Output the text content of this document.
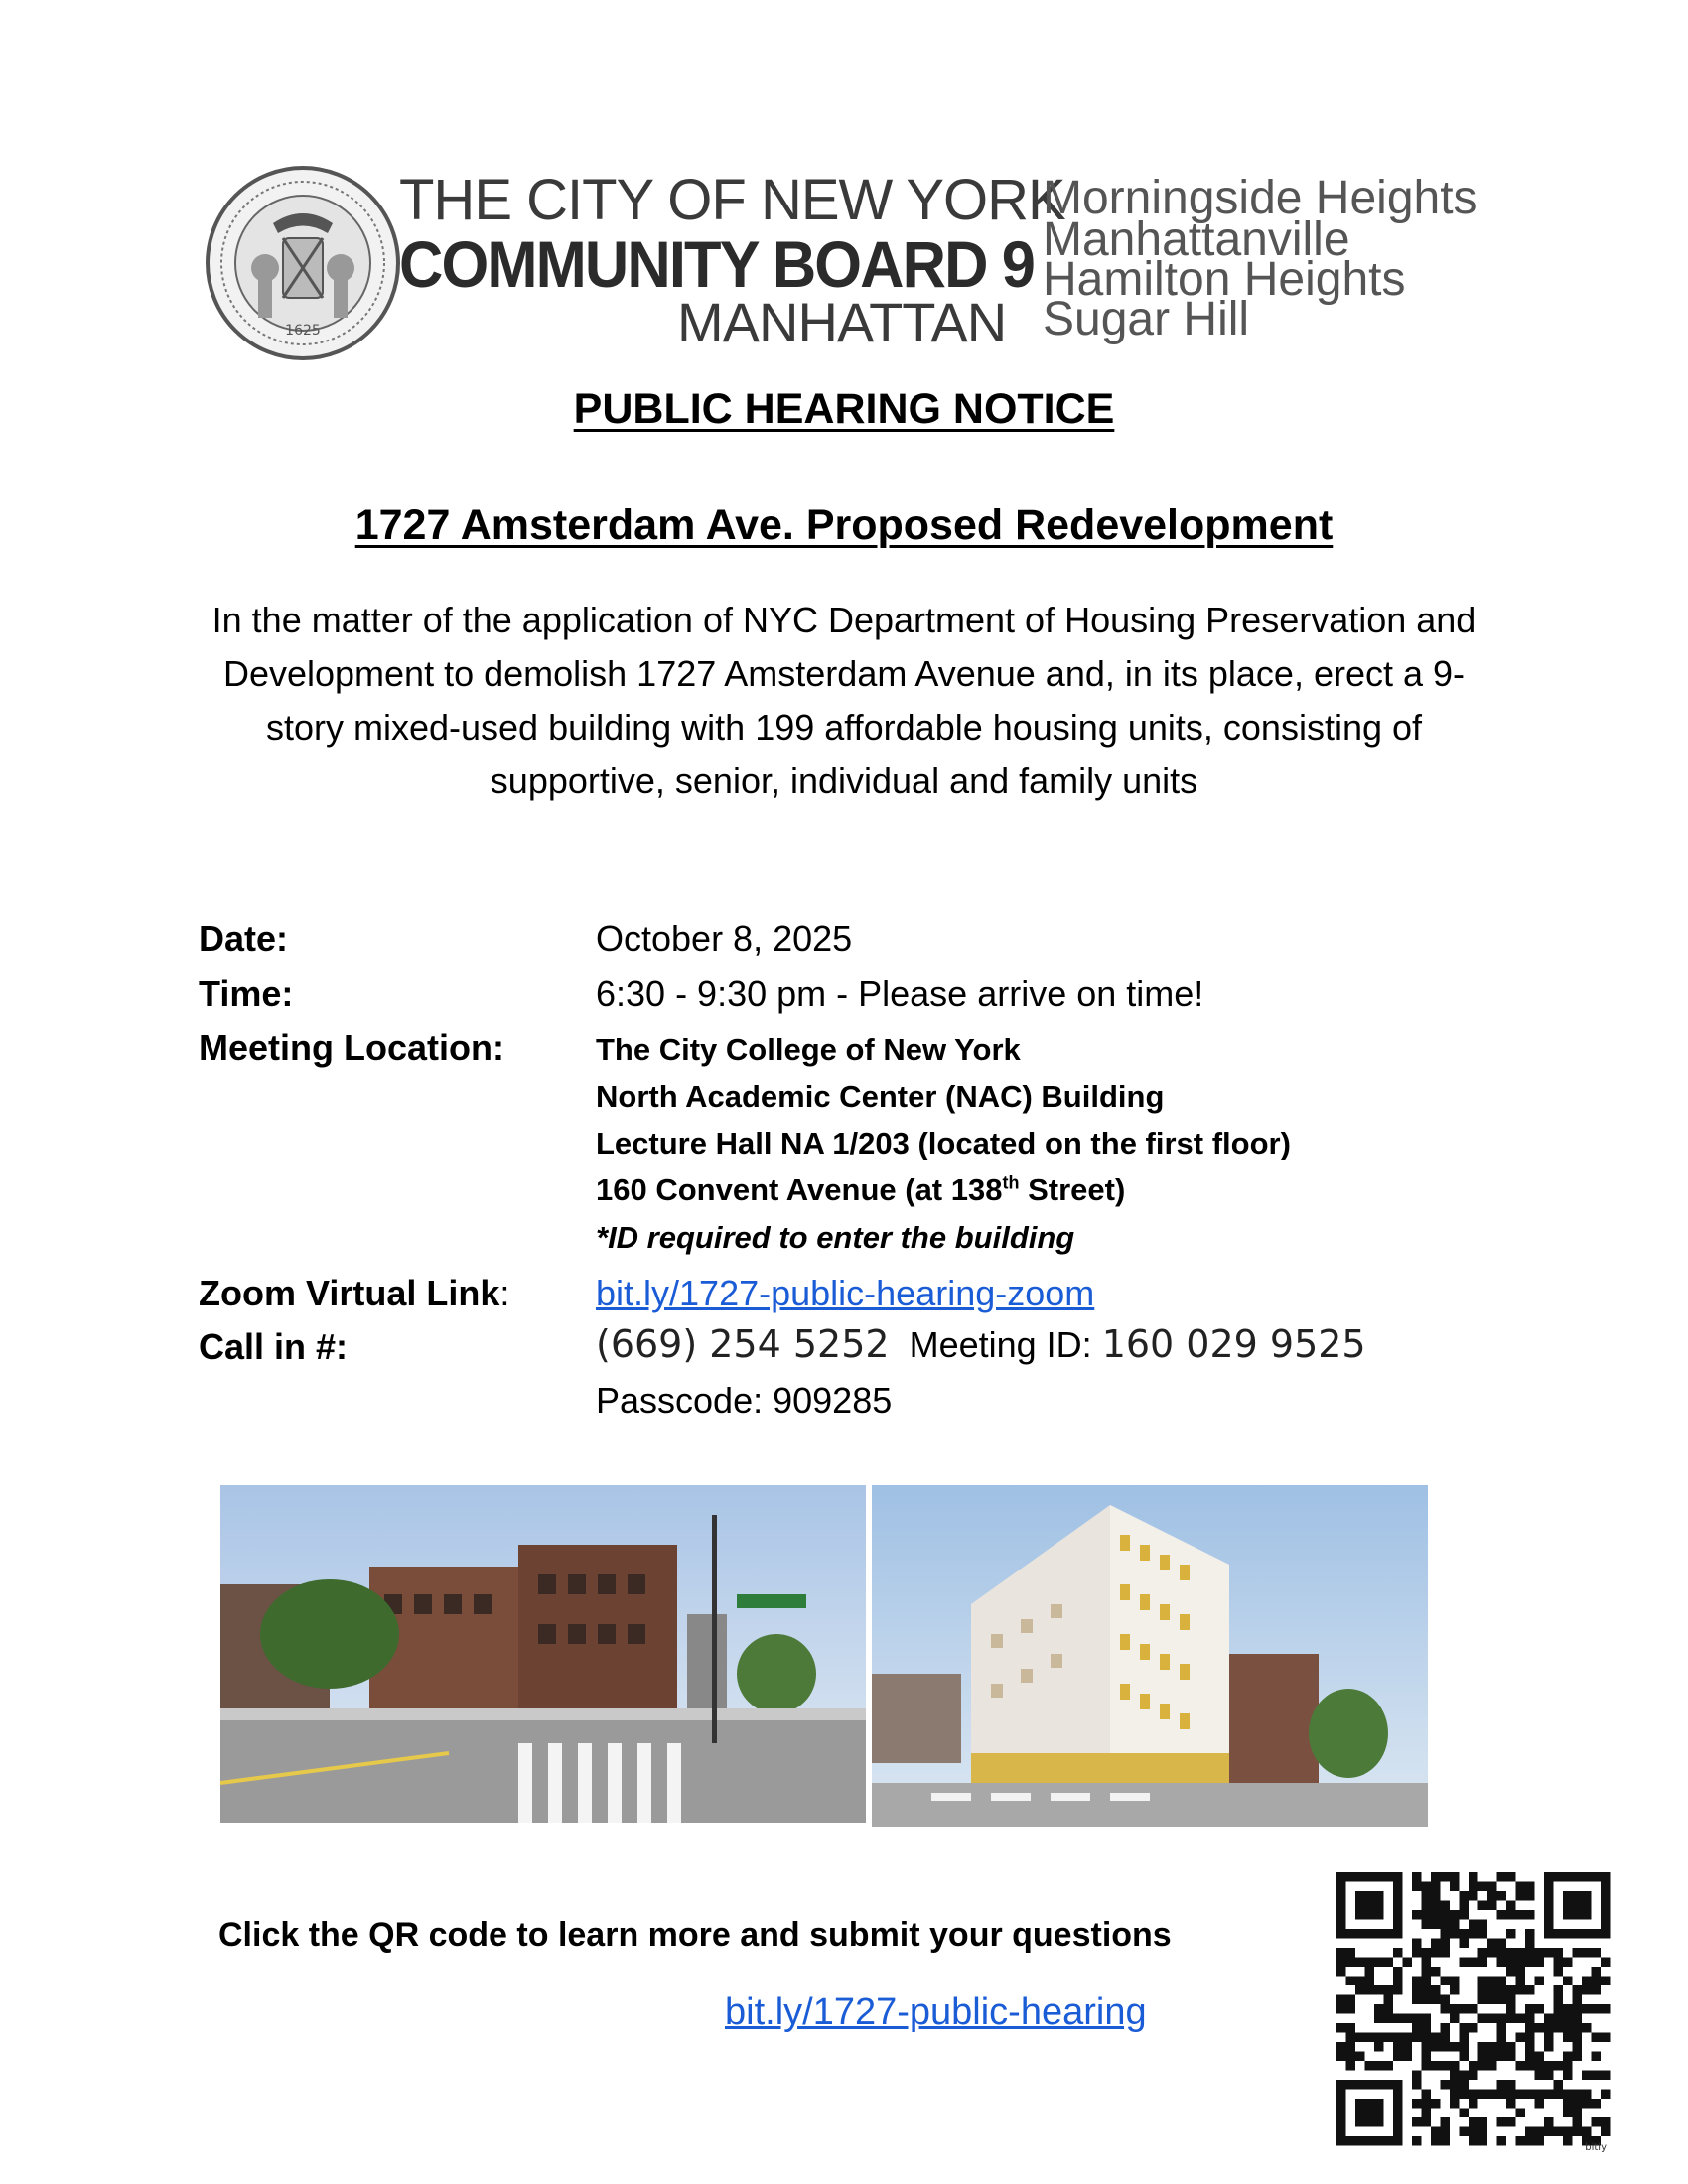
1625
THE CITY OF NEW YORK
COMMUNITY BOARD 9
MANHATTAN
Morningside Heights
Manhattanville
Hamilton Heights
Sugar Hill
PUBLIC HEARING NOTICE
1727 Amsterdam Ave. Proposed Redevelopment
In the matter of the application of NYC Department of Housing Preservation and Development to demolish 1727 Amsterdam Avenue and, in its place, erect a 9-story mixed-used building with 199 affordable housing units, consisting of supportive, senior, individual and family units
Date:	October 8, 2025
Time:	6:30 - 9:30 pm - Please arrive on time!
Meeting Location:	The City College of New York
North Academic Center (NAC) Building
Lecture Hall NA 1/203 (located on the first floor)
160 Convent Avenue (at 138th Street)
*ID required to enter the building
Zoom Virtual Link: bit.ly/1727-public-hearing-zoom
Call in #:	(669) 254 5252 Meeting ID: 160 029 9525
Passcode: 909285
Click the QR code to learn more and submit your questions
bit.ly/1727-public-hearing
bitly
